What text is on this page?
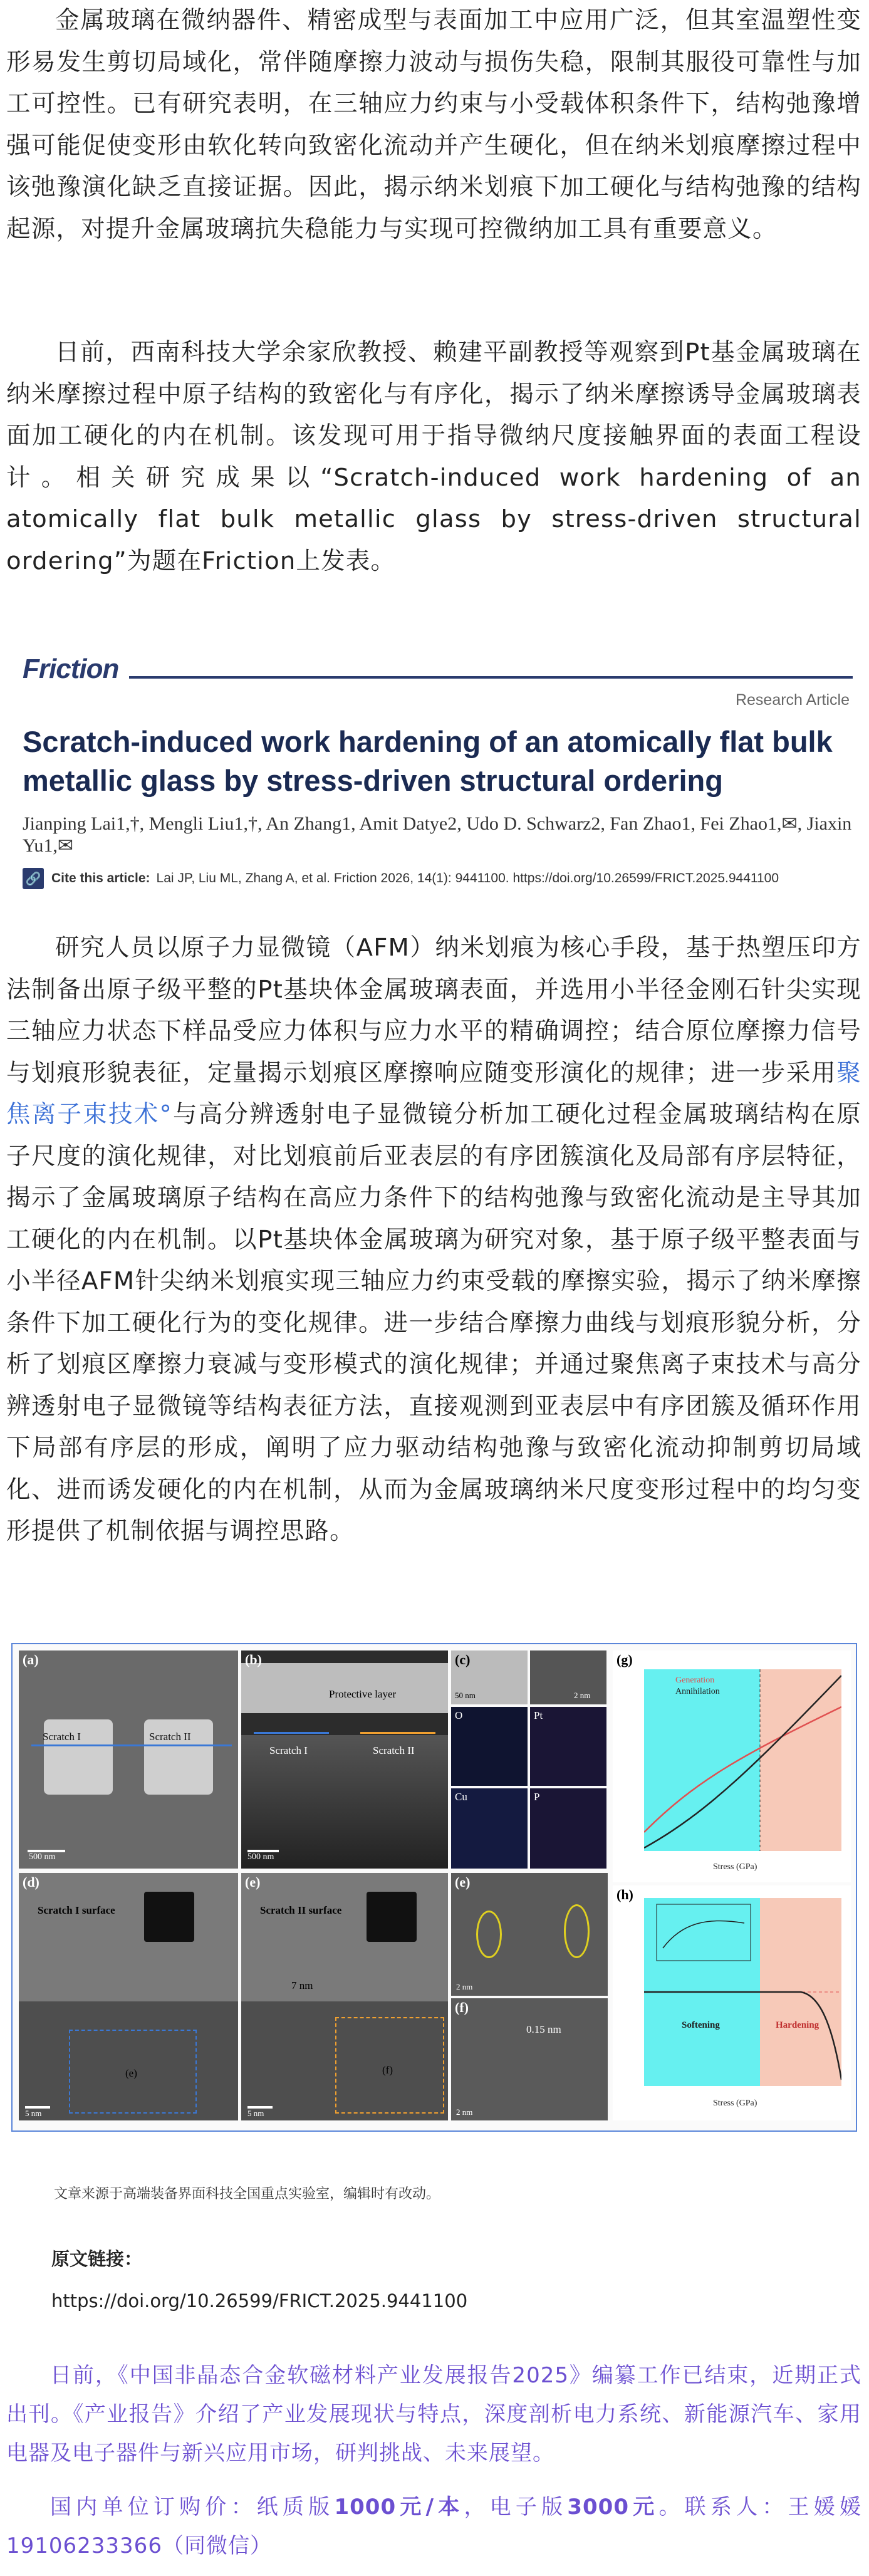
金属玻璃在微纳器件、精密成型与表面加工中应用广泛，但其室温塑性变形易发生剪切局域化，常伴随摩擦力波动与损伤失稳，限制其服役可靠性与加工可控性。已有研究表明，在三轴应力约束与小受载体积条件下，结构弛豫增强可能促使变形由软化转向致密化流动并产生硬化，但在纳米划痕摩擦过程中该弛豫演化缺乏直接证据。因此，揭示纳米划痕下加工硬化与结构弛豫的结构起源，对提升金属玻璃抗失稳能力与实现可控微纳加工具有重要意义。

日前，西南科技大学余家欣教授、赖建平副教授等观察到Pt基金属玻璃在纳米摩擦过程中原子结构的致密化与有序化，揭示了纳米摩擦诱导金属玻璃表面加工硬化的内在机制。该发现可用于指导微纳尺度接触界面的表面工程设计。相关研究成果以“Scratch-induced work hardening of an atomically flat bulk metallic glass by stress-driven structural ordering”为题在Friction上发表。

Friction
Research Article
Scratch-induced work hardening of an atomically flat bulk metallic glass by stress-driven structural ordering
Jianping Lai1,†, Mengli Liu1,†, An Zhang1, Amit Datye2, Udo D. Schwarz2, Fan Zhao1, Fei Zhao1,✉, Jiaxin Yu1,✉
🔗 Cite this article: Lai JP, Liu ML, Zhang A, et al. Friction 2026, 14(1): 9441100. https://doi.org/10.26599/FRICT.2025.9441100

研究人员以原子力显微镜（AFM）纳米划痕为核心手段，基于热塑压印方法制备出原子级平整的Pt基块体金属玻璃表面，并选用小半径金刚石针尖实现三轴应力状态下样品受应力体积与应力水平的精确调控；结合原位摩擦力信号与划痕形貌表征，定量揭示划痕区摩擦响应随变形演化的规律；进一步采用聚焦离子束技术°与高分辨透射电子显微镜分析加工硬化过程金属玻璃结构在原子尺度的演化规律，对比划痕前后亚表层的有序团簇演化及局部有序层特征，揭示了金属玻璃原子结构在高应力条件下的结构弛豫与致密化流动是主导其加工硬化的内在机制。以Pt基块体金属玻璃为研究对象，基于原子级平整表面与小半径AFM针尖纳米划痕实现三轴应力约束受载的摩擦实验，揭示了纳米摩擦条件下加工硬化行为的变化规律。进一步结合摩擦力曲线与划痕形貌分析，分析了划痕区摩擦力衰减与变形模式的演化规律；并通过聚焦离子束技术与高分辨透射电子显微镜等结构表征方法，直接观测到亚表层中有序团簇及循环作用下局部有序层的形成，阐明了应力驱动结构弛豫与致密化流动抑制剪切局域化、进而诱发硬化的内在机制，从而为金属玻璃纳米尺度变形过程中的均匀变形提供了机制依据与调控思路。

(a)
Scratch I	Scratch II
500 nm
(b)
Protective layer
Scratch I	Scratch II
500 nm
(c)
50 nm	2 nm
O	Pt
Cu	P
(d)
Scratch I surface
(e)
5 nm
(e)
Scratch II surface
7 nm
(f)
5 nm
(e)
2 nm
(f)
0.15 nm
2 nm
(g)
Generation
Annihilation
Stress (GPa)
(h)
Softening	Hardening
Stress (GPa)
文章来源于高端装备界面科技全国重点实验室，编辑时有改动。
原文链接：
https://doi.org/10.26599/FRICT.2025.9441100

日前，《中国非晶态合金软磁材料产业发展报告2025》编纂工作已结束，近期正式出刊。《产业报告》介绍了产业发展现状与特点，深度剖析电力系统、新能源汽车、家用电器及电子器件与新兴应用市场，研判挑战、未来展望。

国内单位订购价：纸质版1000元/本，电子版3000元。联系人：王媛媛 19106233366（同微信）
